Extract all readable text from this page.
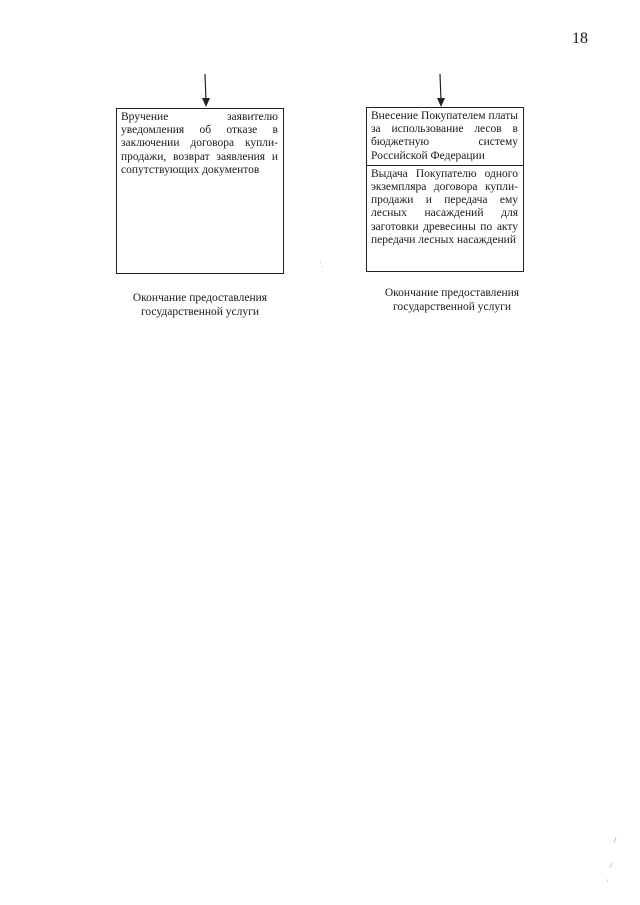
18
Вручение заявителю уведомления об отказе в заключении договора купли-продажи, возврат заявления и сопутствующих документов
Окончание предоставления
государственной услуги
Внесение Покупателем платы за использование лесов в бюджетную систему Российской Федерации
Выдача Покупателю одного экземпляра договора купли-продажи и передача ему лесных насаждений для заготовки древесины по акту передачи лесных насаждений
Окончание предоставления
государственной услуги
